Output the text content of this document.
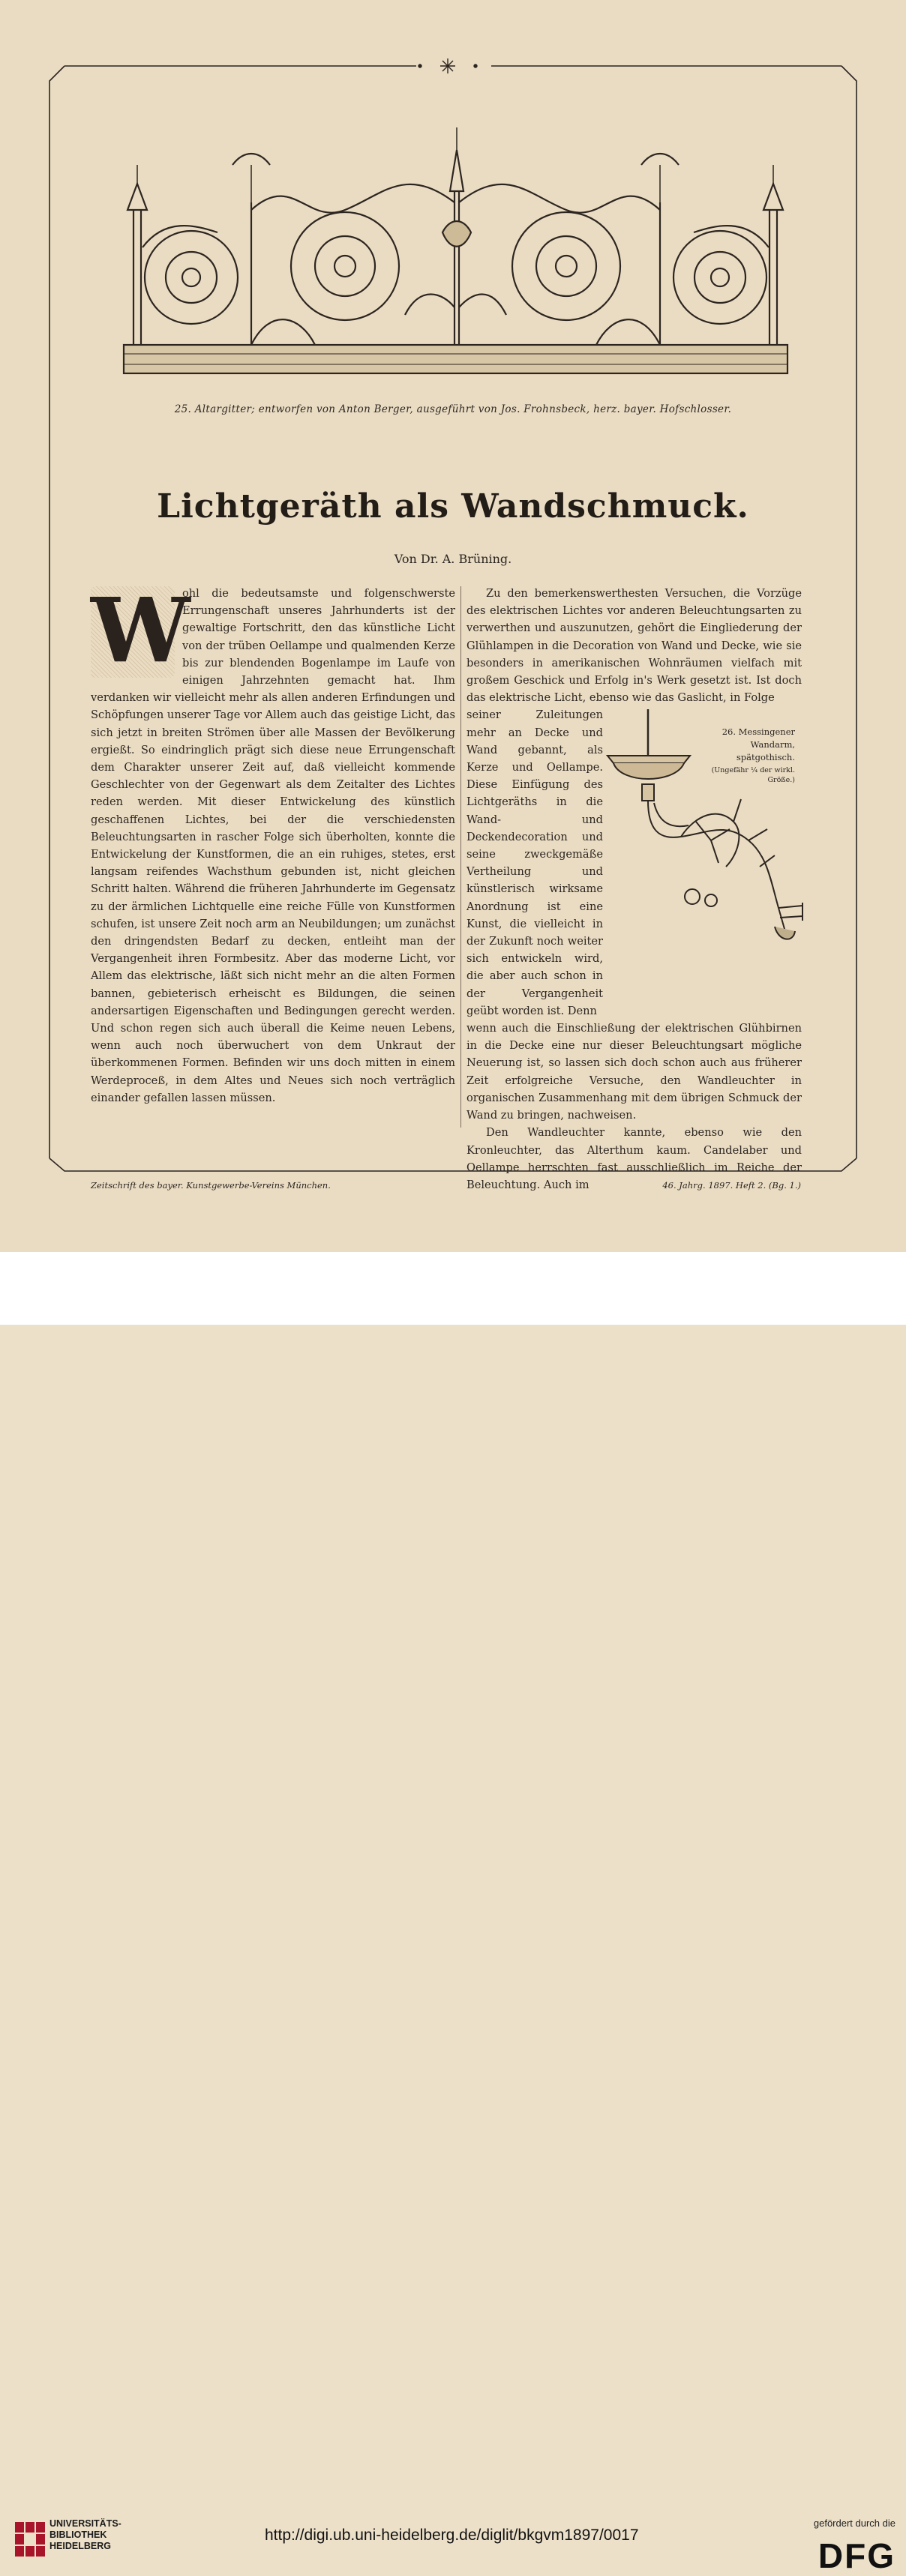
25. Altargitter; entworfen von Anton Berger, ausgeführt von Jos. Frohnsbeck, herz. bayer. Hofschlosser.
Lichtgeräth als Wandschmuck.
Von Dr. A. Brüning.
W

ohl die bedeutsamste und folgenschwerste Errungenschaft unseres Jahrhunderts ist der gewaltige Fortschritt, den das künstliche Licht von der trüben Oellampe und qualmenden Kerze bis zur blendenden Bogenlampe im Laufe von einigen Jahrzehnten gemacht hat. Ihm verdanken wir vielleicht mehr als allen anderen Erfindungen und Schöpfungen unserer Tage vor Allem auch das geistige Licht, das sich jetzt in breiten Strömen über alle Massen der Bevölkerung ergießt. So eindringlich prägt sich diese neue Errungenschaft dem Charakter unserer Zeit auf, daß vielleicht kommende Geschlechter von der Gegenwart als dem Zeitalter des Lichtes reden werden. Mit dieser Entwickelung des künstlich geschaffenen Lichtes, bei der die verschiedensten Beleuchtungsarten in rascher Folge sich überholten, konnte die Entwickelung der Kunstformen, die an ein ruhiges, stetes, erst langsam reifendes Wachsthum gebunden ist, nicht gleichen Schritt halten. Während die früheren Jahrhunderte im Gegensatz zu der ärmlichen Lichtquelle eine reiche Fülle von Kunstformen schufen, ist unsere Zeit noch arm an Neubildungen; um zunächst den dringendsten Bedarf zu decken, entleiht man der Vergangenheit ihren Formbesitz. Aber das moderne Licht, vor Allem das elektrische, läßt sich nicht mehr an die alten Formen bannen, gebieterisch erheischt es Bildungen, die seinen andersartigen Eigenschaften und Bedingungen gerecht werden. Und schon regen sich auch überall die Keime neuen Lebens, wenn auch noch überwuchert von dem Unkraut der überkommenen Formen. Befinden wir uns doch mitten in einem Werdeproceß, in dem Altes und Neues sich noch verträglich einander gefallen lassen müssen.

Zu den bemerkenswerthesten Versuchen, die Vorzüge des elektrischen Lichtes vor anderen Beleuchtungsarten zu verwerthen und auszunutzen, gehört die Eingliederung der Glühlampen in die Decoration von Wand und Decke, wie sie besonders in amerikanischen Wohnräumen vielfach mit großem Geschick und Erfolg in's Werk gesetzt ist. Ist doch das elektrische Licht, ebenso wie das Gaslicht, in Folge

seiner Zuleitungen mehr an Decke und Wand gebannt, als Kerze und Oellampe. Diese Einfügung des Lichtgeräths in die Wand- und Deckendecoration und seine zweckgemäße Vertheilung und künstlerisch wirksame Anordnung ist eine Kunst, die vielleicht in der Zukunft noch weiter sich entwickeln wird, die aber auch schon in der Vergangenheit geübt worden ist. Denn

wenn auch die Einschließung der elektrischen Glühbirnen in die Decke eine nur dieser Beleuchtungsart mögliche Neuerung ist, so lassen sich doch schon auch aus früherer Zeit erfolgreiche Versuche, den Wandleuchter in organischen Zusammenhang mit dem übrigen Schmuck der Wand zu bringen, nachweisen.

Den Wandleuchter kannte, ebenso wie den Kronleuchter, das Alterthum kaum. Candelaber und Oellampe herrschten fast ausschließlich im Reiche der Beleuchtung. Auch im

26. Messingener Wandarm, spätgothisch.
(Ungefähr ¼ der wirkl. Größe.)
Zeitschrift des bayer. Kunstgewerbe-Vereins München.	46. Jahrg. 1897. Heft 2. (Bg. 1.)
UNIVERSITÄTS-
BIBLIOTHEK
HEIDELBERG
http://digi.ub.uni-heidelberg.de/diglit/bkgvm1897/0017
gefördert durch die
DFG
